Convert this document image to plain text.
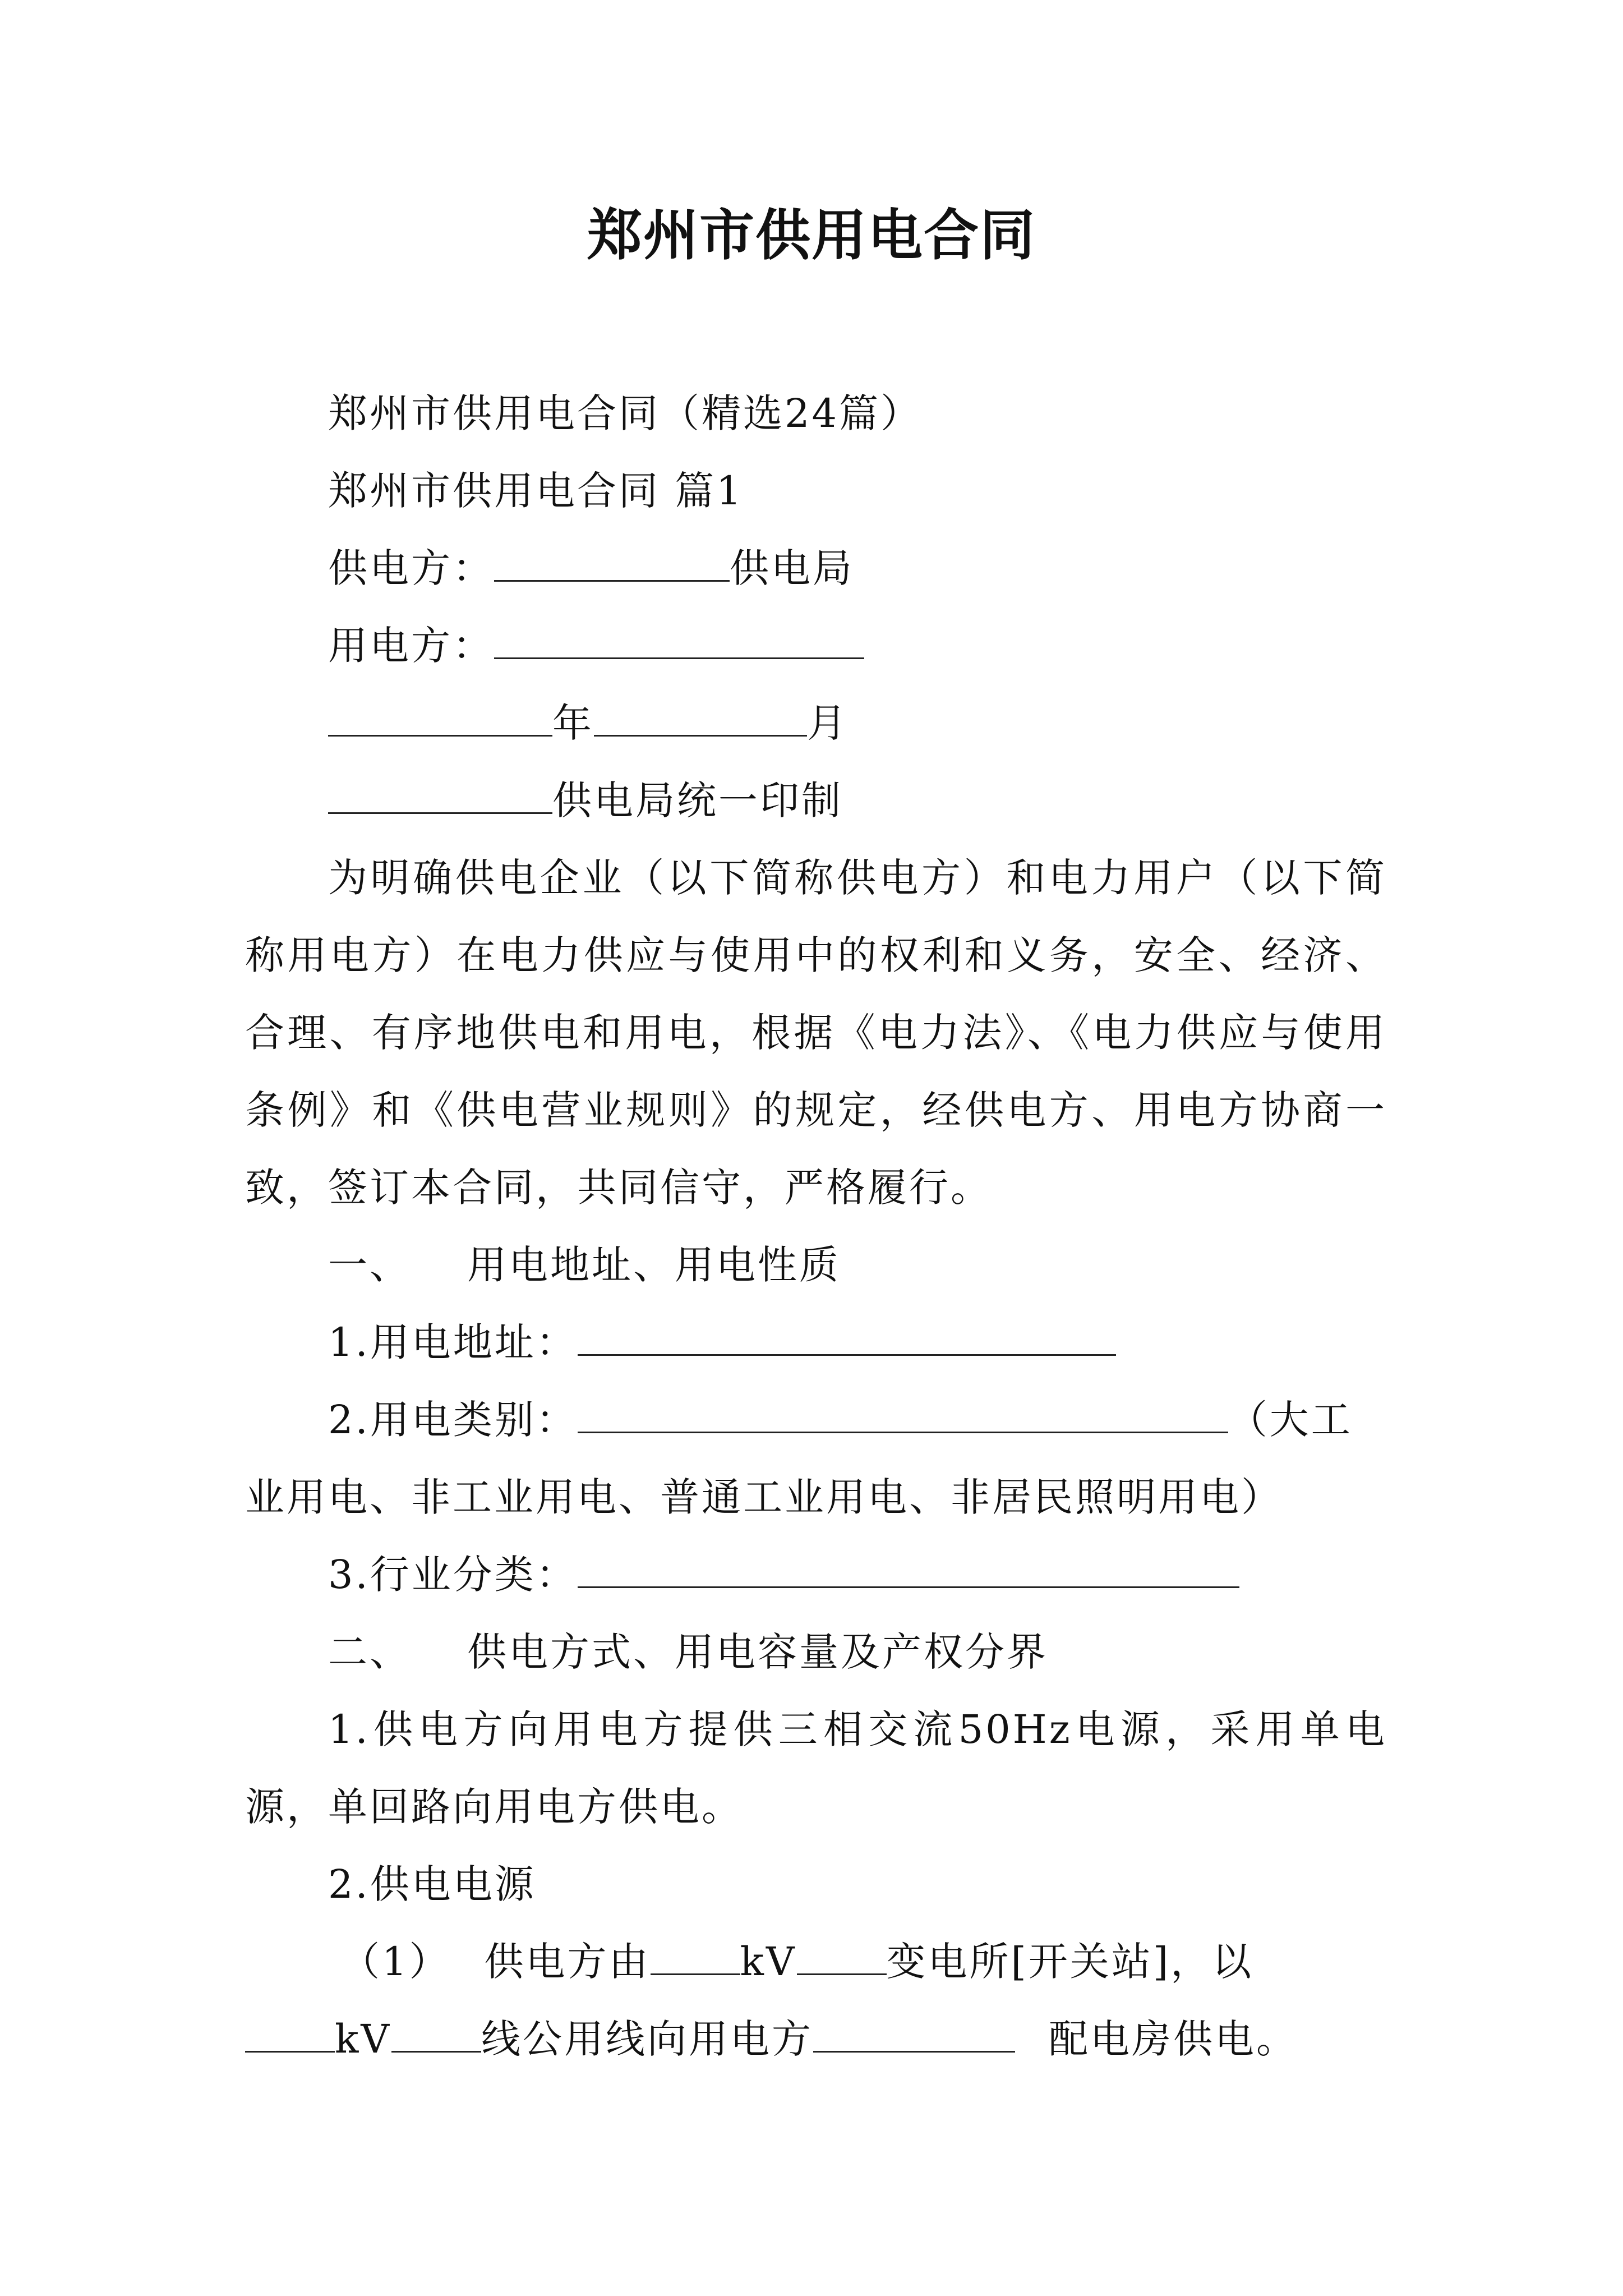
郑州市供用电合同
郑州市供用电合同（精选24篇）
郑州市供用电合同 篇1
供电方：	供电局
用电方：
年	月
供电局统一印制
为明确供电企业（以下简称供电方）和电力用户（以下简称用电方）在电力供应与使用中的权利和义务，安全、经济、合理、有序地供电和用电，根据《电力法》、《电力供应与使用条例》和《供电营业规则》的规定，经供电方、用电方协商一致，签订本合同，共同信守，严格履行。
一、 用电地址、用电性质
1.用电地址：
2.用电类别：	（大工
业用电、非工业用电、普通工业用电、非居民照明用电）
3.行业分类：
二、 供电方式、用电容量及产权分界
1.供电方向用电方提供三相交流50Hz电源，采用单电源，单回路向用电方供电。
2.供电电源
（1） 供电方由 kV 变电所[开关站]，以
kV 线公用线向用电方	配电房供电。
